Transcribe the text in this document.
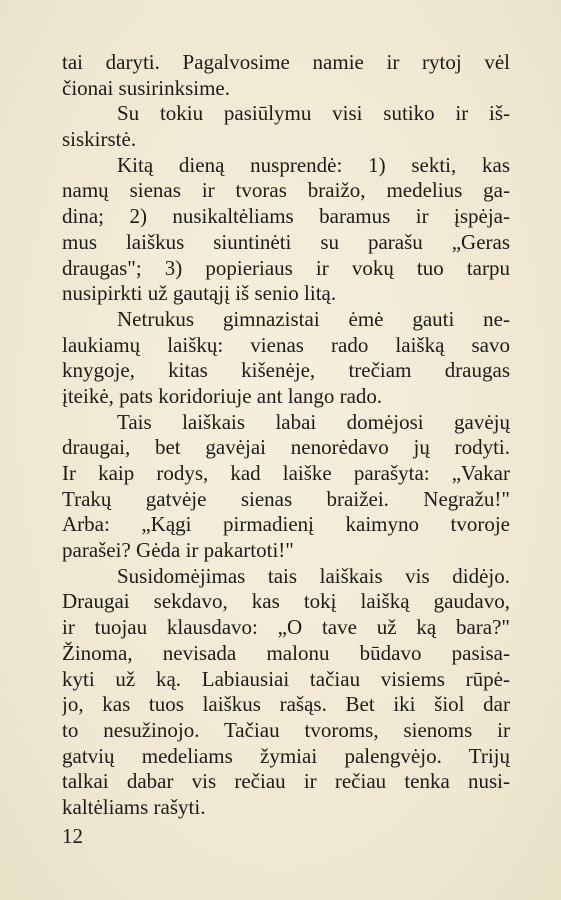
tai daryti. Pagalvosime namie ir rytoj vėl
čionai susirinksime.
Su tokiu pasiūlymu visi sutiko ir iš-
siskirstė.
Kitą dieną nusprendė: 1) sekti, kas
namų sienas ir tvoras braižo, medelius ga-
dina; 2) nusikaltėliams baramus ir įspėja-
mus laiškus siuntinėti su parašu „Geras
draugas"; 3) popieriaus ir vokų tuo tarpu
nusipirkti už gautąjį iš senio litą.
Netrukus gimnazistai ėmė gauti ne-
laukiamų laiškų: vienas rado laišką savo
knygoje, kitas kišenėje, trečiam draugas
įteikė, pats koridoriuje ant lango rado.
Tais laiškais labai domėjosi gavėjų
draugai, bet gavėjai nenorėdavo jų rodyti.
Ir kaip rodys, kad laiške parašyta: „Vakar
Trakų gatvėje sienas braižei. Negražu!"
Arba: „Kągi pirmadienį kaimyno tvoroje
parašei? Gėda ir pakartoti!"
Susidomėjimas tais laiškais vis didėjo.
Draugai sekdavo, kas tokį laišką gaudavo,
ir tuojau klausdavo: „O tave už ką bara?"
Žinoma, nevisada malonu būdavo pasisa-
kyti už ką. Labiausiai tačiau visiems rūpė-
jo, kas tuos laiškus rašąs. Bet iki šiol dar
to nesužinojo. Tačiau tvoroms, sienoms ir
gatvių medeliams žymiai palengvėjo. Trijų
talkai dabar vis rečiau ir rečiau tenka nusi-
kaltėliams rašyti.
12
